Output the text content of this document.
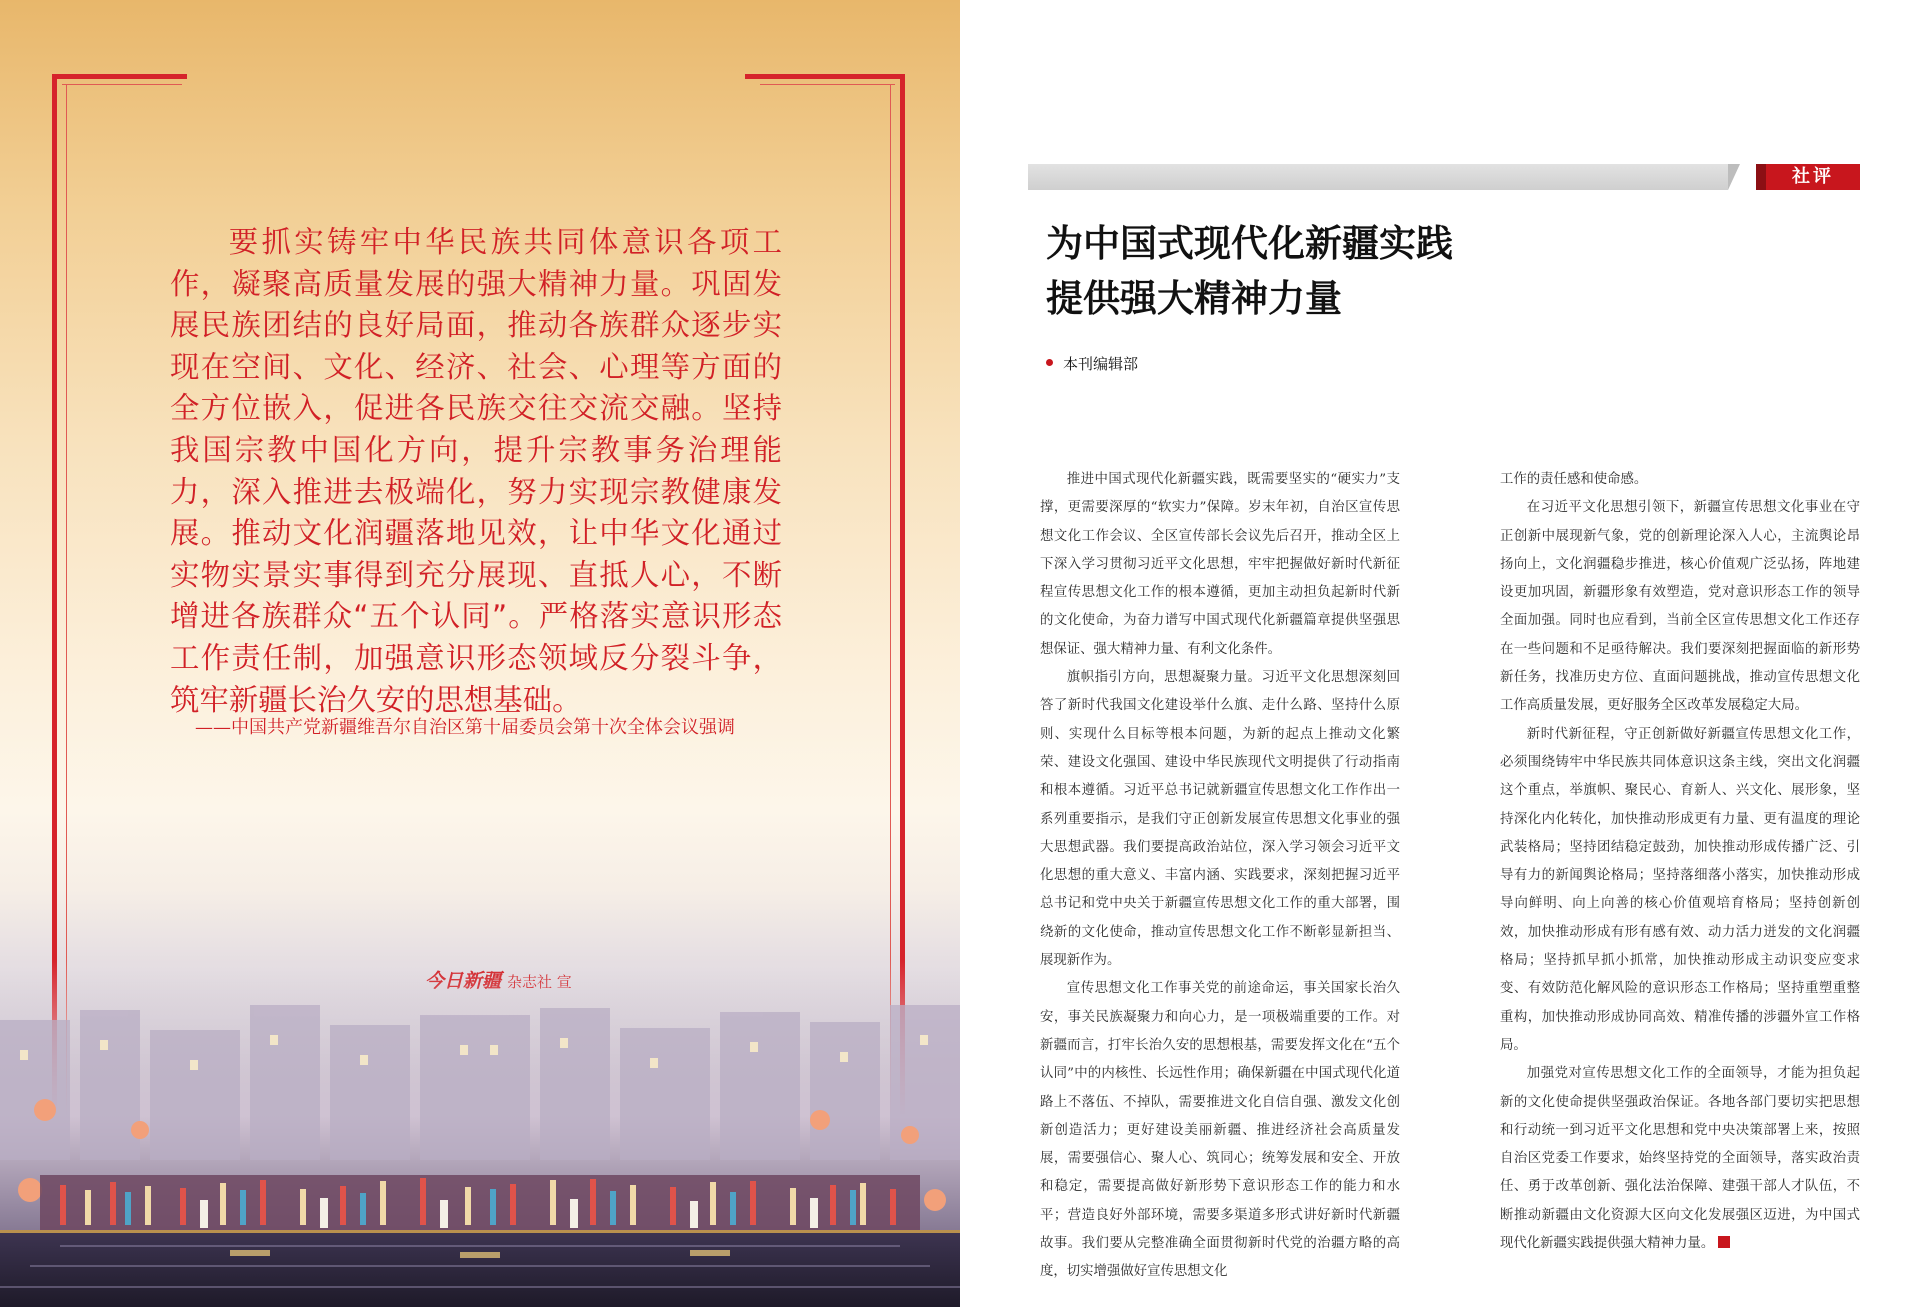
要抓实铸牢中华民族共同体意识各项工作，凝聚高质量发展的强大精神力量。巩固发展民族团结的良好局面，推动各族群众逐步实现在空间、文化、经济、社会、心理等方面的全方位嵌入，促进各民族交往交流交融。坚持我国宗教中国化方向，提升宗教事务治理能力，深入推进去极端化，努力实现宗教健康发展。推动文化润疆落地见效，让中华文化通过实物实景实事得到充分展现、直抵人心，不断增进各族群众“五个认同”。严格落实意识形态工作责任制，加强意识形态领域反分裂斗争，筑牢新疆长治久安的思想基础。

——中国共产党新疆维吾尔自治区第十届委员会第十次全体会议强调

社评
为中国式现代化新疆实践
提供强大精神力量
本刊编辑部

推进中国式现代化新疆实践，既需要坚实的“硬实力”支撑，更需要深厚的“软实力”保障。岁末年初，自治区宣传思想文化工作会议、全区宣传部长会议先后召开，推动全区上下深入学习贯彻习近平文化思想，牢牢把握做好新时代新征程宣传思想文化工作的根本遵循，更加主动担负起新时代新的文化使命，为奋力谱写中国式现代化新疆篇章提供坚强思想保证、强大精神力量、有利文化条件。

旗帜指引方向，思想凝聚力量。习近平文化思想深刻回答了新时代我国文化建设举什么旗、走什么路、坚持什么原则、实现什么目标等根本问题，为新的起点上推动文化繁荣、建设文化强国、建设中华民族现代文明提供了行动指南和根本遵循。习近平总书记就新疆宣传思想文化工作作出一系列重要指示，是我们守正创新发展宣传思想文化事业的强大思想武器。我们要提高政治站位，深入学习领会习近平文化思想的重大意义、丰富内涵、实践要求，深刻把握习近平总书记和党中央关于新疆宣传思想文化工作的重大部署，围绕新的文化使命，推动宣传思想文化工作不断彰显新担当、展现新作为。

宣传思想文化工作事关党的前途命运，事关国家长治久安，事关民族凝聚力和向心力，是一项极端重要的工作。对新疆而言，打牢长治久安的思想根基，需要发挥文化在“五个认同”中的内核性、长远性作用；确保新疆在中国式现代化道路上不落伍、不掉队，需要推进文化自信自强、激发文化创新创造活力；更好建设美丽新疆、推进经济社会高质量发展，需要强信心、聚人心、筑同心；统筹发展和安全、开放和稳定，需要提高做好新形势下意识形态工作的能力和水平；营造良好外部环境，需要多渠道多形式讲好新时代新疆故事。我们要从完整准确全面贯彻新时代党的治疆方略的高度，切实增强做好宣传思想文化

工作的责任感和使命感。

在习近平文化思想引领下，新疆宣传思想文化事业在守正创新中展现新气象，党的创新理论深入人心，主流舆论昂扬向上，文化润疆稳步推进，核心价值观广泛弘扬，阵地建设更加巩固，新疆形象有效塑造，党对意识形态工作的领导全面加强。同时也应看到，当前全区宣传思想文化工作还存在一些问题和不足亟待解决。我们要深刻把握面临的新形势新任务，找准历史方位、直面问题挑战，推动宣传思想文化工作高质量发展，更好服务全区改革发展稳定大局。

新时代新征程，守正创新做好新疆宣传思想文化工作，必须围绕铸牢中华民族共同体意识这条主线，突出文化润疆这个重点，举旗帜、聚民心、育新人、兴文化、展形象，坚持深化内化转化，加快推动形成更有力量、更有温度的理论武装格局；坚持团结稳定鼓劲，加快推动形成传播广泛、引导有力的新闻舆论格局；坚持落细落小落实，加快推动形成导向鲜明、向上向善的核心价值观培育格局；坚持创新创效，加快推动形成有形有感有效、动力活力迸发的文化润疆格局；坚持抓早抓小抓常，加快推动形成主动识变应变求变、有效防范化解风险的意识形态工作格局；坚持重塑重整重构，加快推动形成协同高效、精准传播的涉疆外宣工作格局。

加强党对宣传思想文化工作的全面领导，才能为担负起新的文化使命提供坚强政治保证。各地各部门要切实把思想和行动统一到习近平文化思想和党中央决策部署上来，按照自治区党委工作要求，始终坚持党的全面领导，落实政治责任、勇于改革创新、强化法治保障、建强干部人才队伍，不断推动新疆由文化资源大区向文化发展强区迈进，为中国式现代化新疆实践提供强大精神力量。
